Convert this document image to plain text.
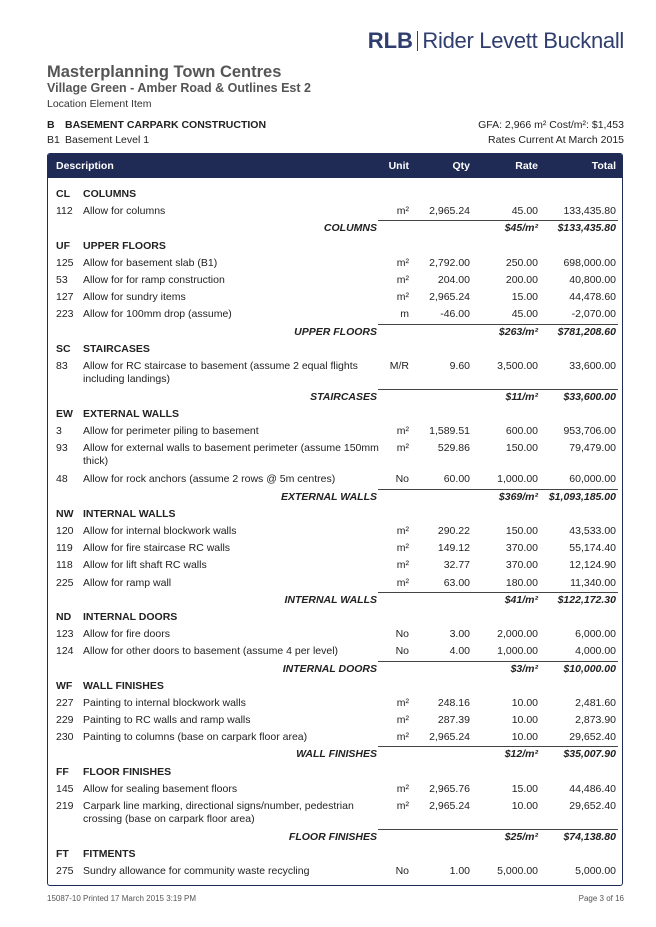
RLB Rider Levett Bucknall
Masterplanning Town Centres
Village Green - Amber Road & Outlines Est 2
Location Element Item
B BASEMENT CARPARK CONSTRUCTION
B1 Basement Level 1
GFA: 2,966 m² Cost/m²: $1,453
Rates Current At March 2015
Description	Unit	Qty	Rate	Total
CL COLUMNS
112 Allow for columns	m² 2,965.24	45.00 133,435.80
COLUMNS	$45/m² $133,435.80
UF UPPER FLOORS
125 Allow for basement slab (B1)	m² 2,792.00	250.00 698,000.00
53 Allow for for ramp construction	m²	204.00	200.00	40,800.00
127 Allow for sundry items	m² 2,965.24	15.00	44,478.60
223 Allow for 100mm drop (assume)	m	-46.00	45.00	-2,070.00
UPPER FLOORS	$263/m² $781,208.60
SC STAIRCASES
83 Allow for RC staircase to basement (assume 2 equal flights including landings)
M/R	9.60	3,500.00	33,600.00
STAIRCASES	$11/m² $33,600.00
EW EXTERNAL WALLS
3 Allow for perimeter piling to basement	m² 1,589.51	600.00 953,706.00
93 Allow for external walls to basement perimeter (assume 150mm thick)
m²	529.86	150.00	79,479.00
48 Allow for rock anchors (assume 2 rows @ 5m centres)	No	60.00	1,000.00	60,000.00
EXTERNAL WALLS	$369/m² $1,093,185.00
NW INTERNAL WALLS
120 Allow for internal blockwork walls	m²	290.22	150.00	43,533.00
119 Allow for fire staircase RC walls	m²	149.12	370.00	55,174.40
118 Allow for lift shaft RC walls	m²	32.77	370.00	12,124.90
225 Allow for ramp wall	m²	63.00	180.00	11,340.00
INTERNAL WALLS	$41/m² $122,172.30
ND INTERNAL DOORS
123 Allow for fire doors	No	3.00	2,000.00	6,000.00
124 Allow for other doors to basement (assume 4 per level)	No	4.00	1,000.00	4,000.00
INTERNAL DOORS	$3/m² $10,000.00
WF WALL FINISHES
227 Painting to internal blockwork walls	m²	248.16	10.00	2,481.60
229 Painting to RC walls and ramp walls	m²	287.39	10.00	2,873.90
230 Painting to columns (base on carpark floor area)	m² 2,965.24	10.00	29,652.40
WALL FINISHES	$12/m² $35,007.90
FF FLOOR FINISHES
145 Allow for sealing basement floors	m² 2,965.76	15.00	44,486.40
219 Carpark line marking, directional signs/number, pedestrian crossing (base on carpark floor area)
m² 2,965.24	10.00	29,652.40
FLOOR FINISHES	$25/m² $74,138.80
FT FITMENTS
275 Sundry allowance for community waste recycling	No	1.00	5,000.00	5,000.00
15087-10 Printed 17 March 2015 3:19 PM	Page 3 of 16
